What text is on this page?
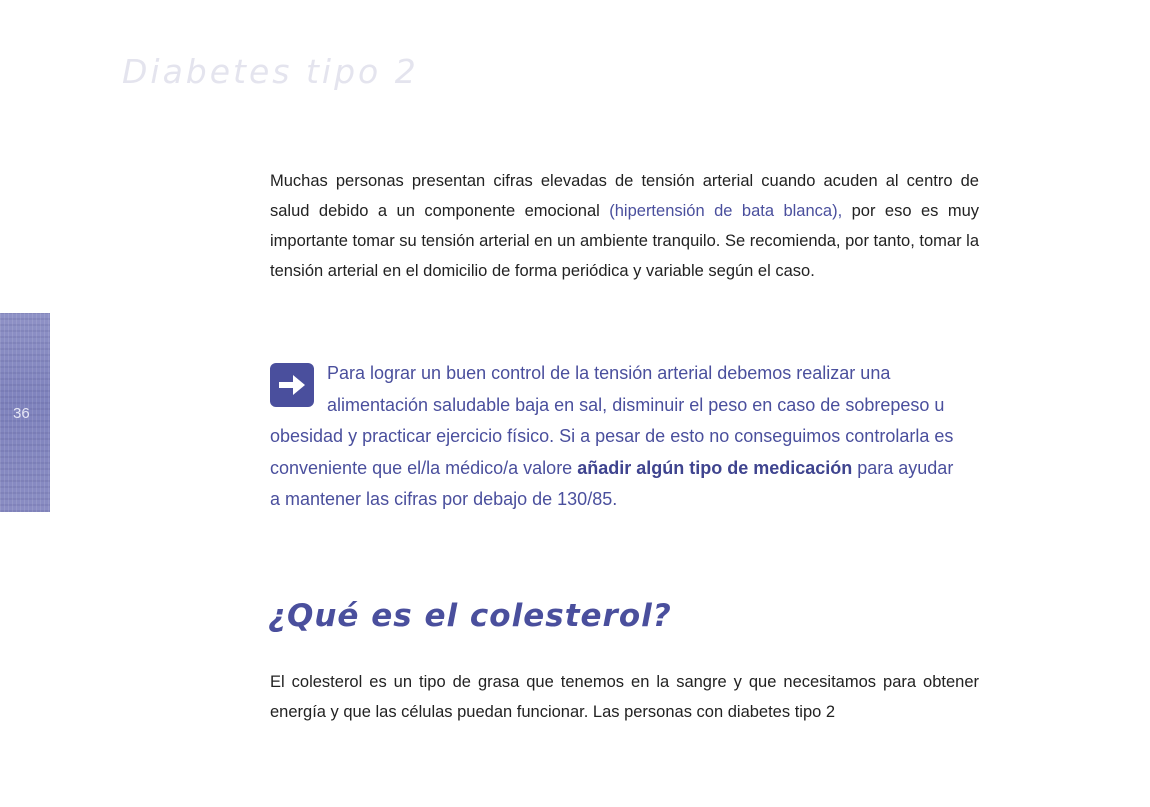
Diabetes tipo 2
36

Muchas personas presentan cifras elevadas de tensión arterial cuando acuden al centro de salud debido a un componente emocional (hipertensión de bata blanca), por eso es muy importante tomar su tensión arterial en un ambiente tranquilo. Se recomienda, por tanto, tomar la tensión arterial en el domicilio de forma periódica y variable según el caso.

Para lograr un buen control de la tensión arterial debemos realizar una alimentación saludable baja en sal, disminuir el peso en caso de sobrepeso u obesidad y practicar ejercicio físico. Si a pesar de esto no conseguimos controlarla es conveniente que el/la médico/a valore añadir algún tipo de medicación para ayudar a mantener las cifras por debajo de 130/85.

¿Qué es el colesterol?

El colesterol es un tipo de grasa que tenemos en la sangre y que necesitamos para obtener energía y que las células puedan funcionar. Las personas con diabetes tipo 2
